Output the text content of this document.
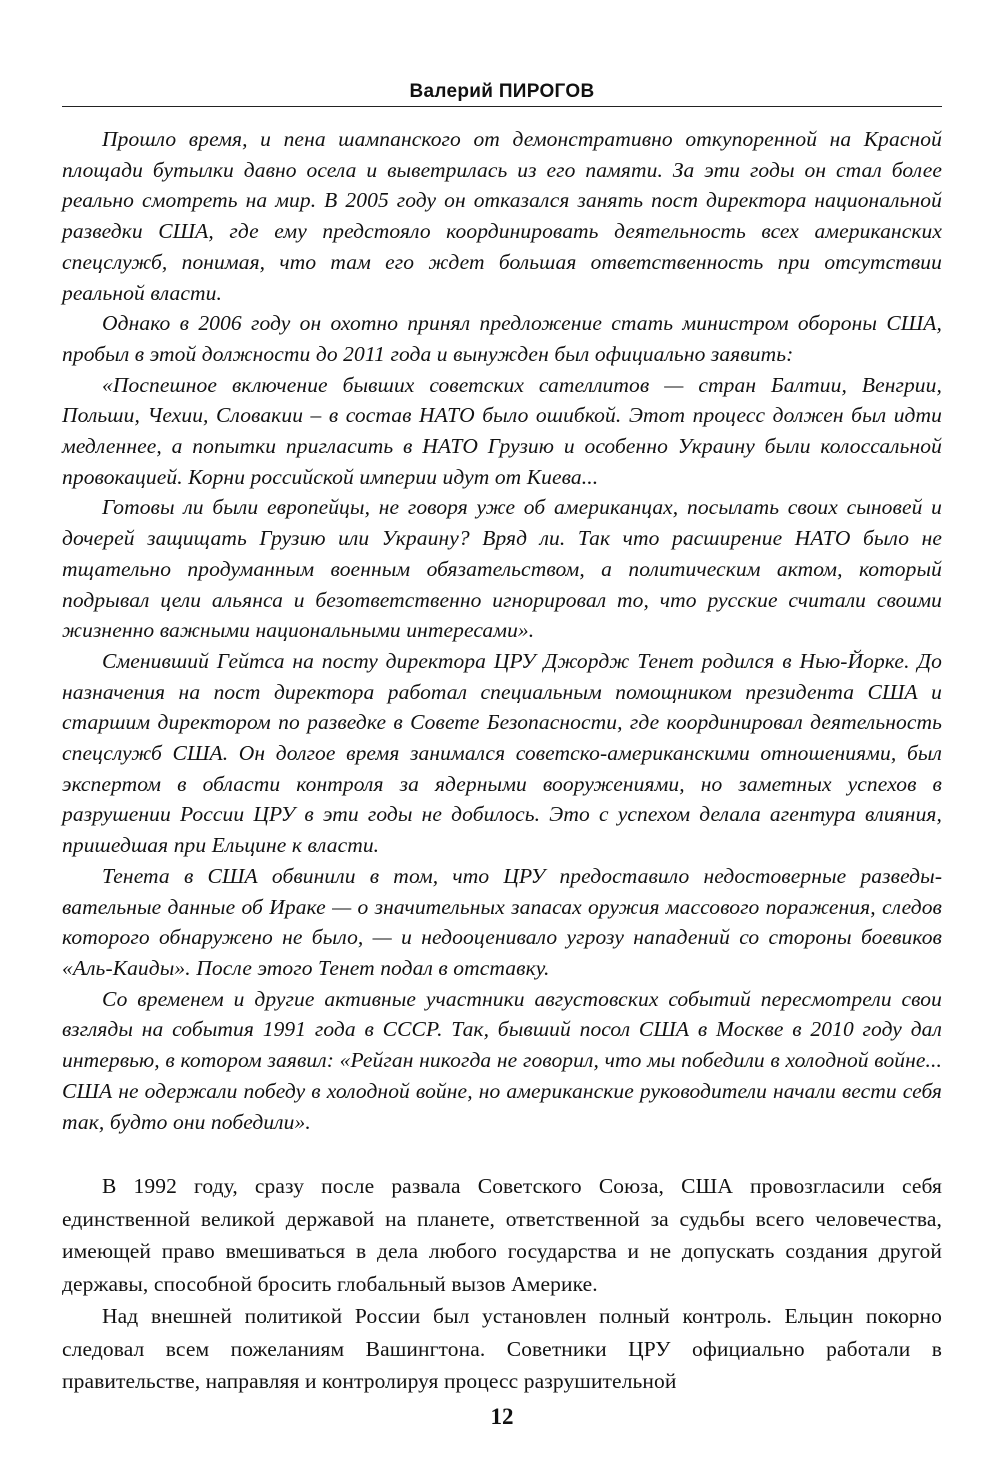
Валерий ПИРОГОВ

Прошло время, и пена шампанского от демонстративно откупоренной на Красной площади бутылки давно осела и выветрилась из его памяти. За эти годы он стал более реально смотреть на мир. В 2005 году он отказался занять пост директора национальной разведки США, где ему предстояло координировать деятельность всех американских спецслужб, понимая, что там его ждет большая ответственность при отсутствии реальной власти.

Однако в 2006 году он охотно принял предложение стать министром обороны США, пробыл в этой должности до 2011 года и вынужден был официально заявить:

«Поспешное включение бывших советских сателлитов — стран Балтии, Венгрии, Польши, Чехии, Словакии – в состав НАТО было ошибкой. Этот процесс должен был идти медленнее, а попытки пригласить в НАТО Грузию и особенно Украину были колоссальной провокацией. Корни российской империи идут от Киева...

Готовы ли были европейцы, не говоря уже об американцах, посылать своих сыновей и дочерей защищать Грузию или Украину? Вряд ли. Так что расширение НАТО было не тщательно продуманным военным обязательством, а политическим актом, который подрывал цели альянса и безответственно игнорировал то, что русские считали своими жизненно важными национальными интересами».

Сменивший Гейтса на посту директора ЦРУ Джордж Тенет родился в Нью-Йорке. До назначения на пост директора работал специальным помощником президента США и старшим директором по разведке в Совете Безопасности, где координировал деятельность спецслужб США. Он долгое время занимался советско-американскими отношениями, был экспертом в области контроля за ядерными вооружениями, но заметных успехов в разрушении России ЦРУ в эти годы не добилось. Это с успехом делала агентура влияния, пришедшая при Ельцине к власти.

Тенета в США обвинили в том, что ЦРУ предоставило недостоверные разведывательные данные об Ираке — о значительных запасах оружия массового поражения, следов которого обнаружено не было, — и недооценивало угрозу нападений со стороны боевиков «Аль-Каиды». После этого Тенет подал в отставку.

Со временем и другие активные участники августовских событий пересмотрели свои взгляды на события 1991 года в СССР. Так, бывший посол США в Москве в 2010 году дал интервью, в котором заявил: «Рейган никогда не говорил, что мы победили в холодной войне... США не одержали победу в холодной войне, но американские руководители начали вести себя так, будто они победили».

В 1992 году, сразу после развала Советского Союза, США провозгласили себя единственной великой державой на планете, ответственной за судьбы всего человечества, имеющей право вмешиваться в дела любого государства и не допускать создания другой державы, способной бросить глобальный вызов Америке.

Над внешней политикой России был установлен полный контроль. Ельцин покорно следовал всем пожеланиям Вашингтона. Советники ЦРУ официально работали в правительстве, направляя и контролируя процесс разрушительной

12
